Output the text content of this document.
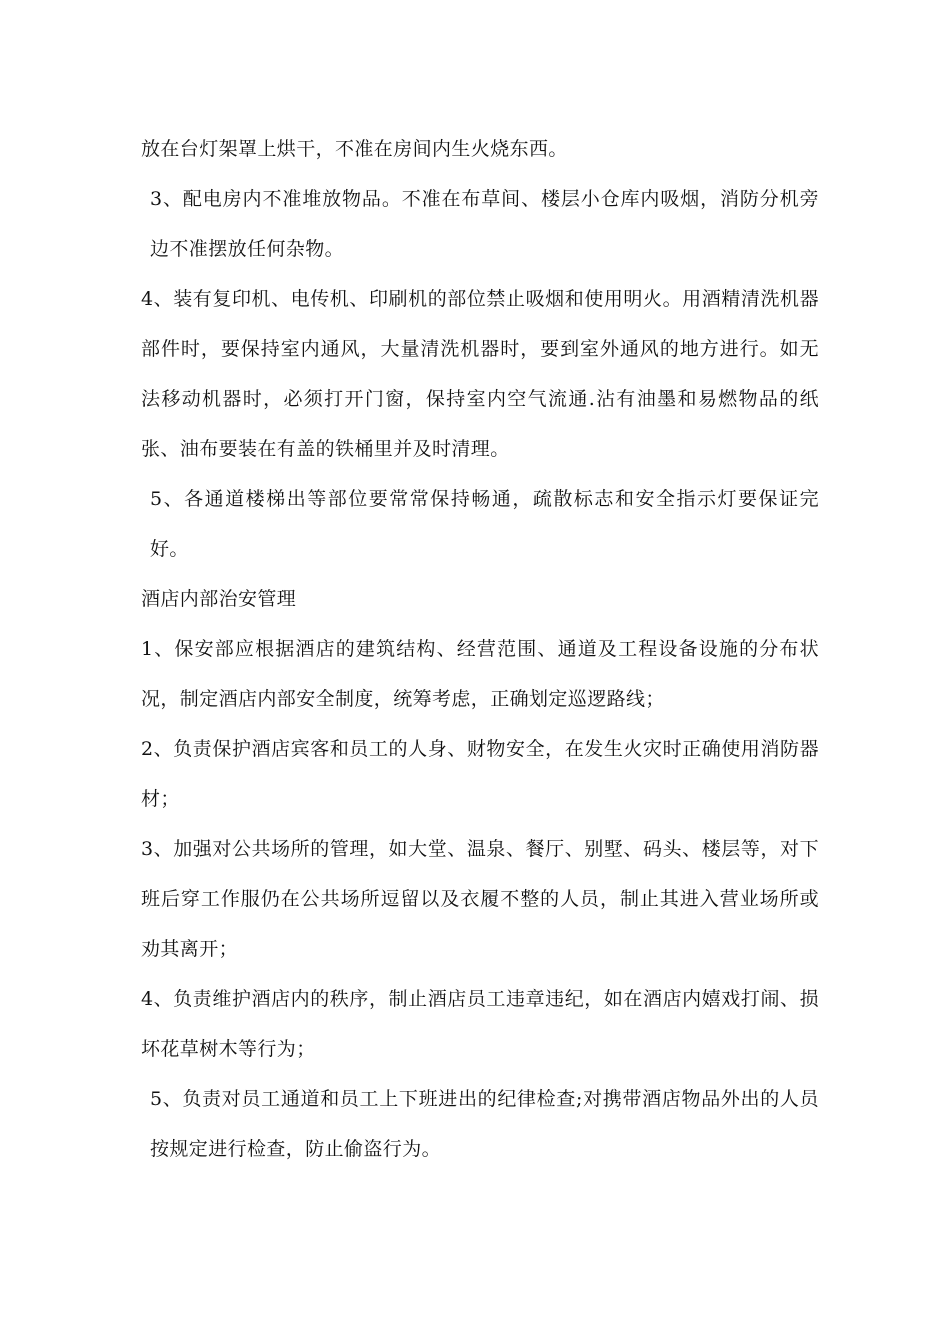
放在台灯架罩上烘干，不准在房间内生火烧东西。

3、配电房内不准堆放物品。不准在布草间、楼层小仓库内吸烟，消防分机旁边不准摆放任何杂物。

4、装有复印机、电传机、印刷机的部位禁止吸烟和使用明火。用酒精清洗机器部件时，要保持室内通风，大量清洗机器时，要到室外通风的地方进行。如无法移动机器时，必须打开门窗，保持室内空气流通.沾有油墨和易燃物品的纸张、油布要装在有盖的铁桶里并及时清理。

5、各通道楼梯出等部位要常常保持畅通，疏散标志和安全指示灯要保证完好。

酒店内部治安管理

1、保安部应根据酒店的建筑结构、经营范围、通道及工程设备设施的分布状况，制定酒店内部安全制度，统筹考虑，正确划定巡逻路线；

2、负责保护酒店宾客和员工的人身、财物安全，在发生火灾时正确使用消防器材；

3、加强对公共场所的管理，如大堂、温泉、餐厅、别墅、码头、楼层等，对下班后穿工作服仍在公共场所逗留以及衣履不整的人员，制止其进入营业场所或劝其离开；

4、负责维护酒店内的秩序，制止酒店员工违章违纪，如在酒店内嬉戏打闹、损坏花草树木等行为；

5、负责对员工通道和员工上下班进出的纪律检查;对携带酒店物品外出的人员按规定进行检查，防止偷盗行为。
